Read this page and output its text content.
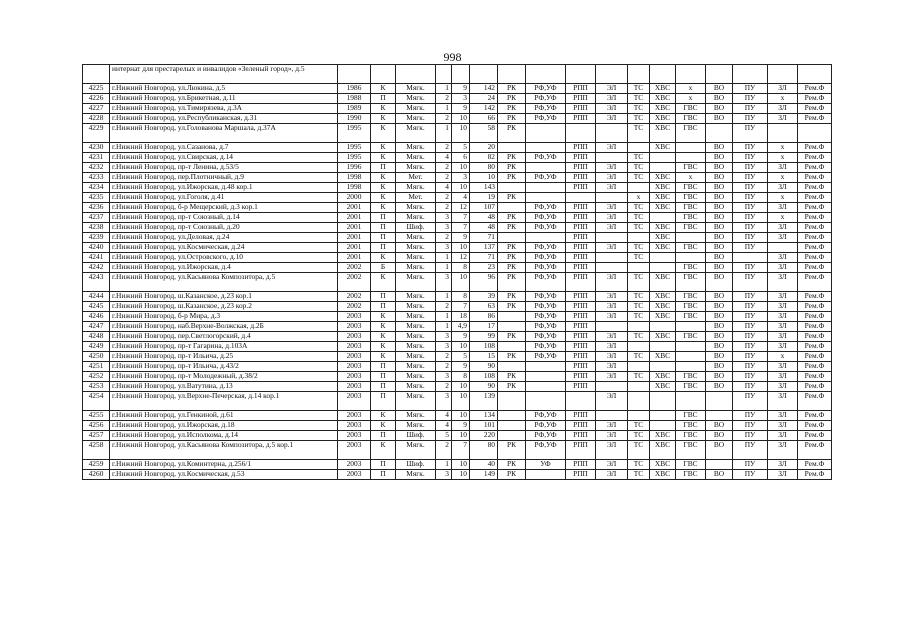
998
	интернат для престарелых и инвалидов «Зеленый город», д.5																	
4225	г.Нижний Новгород, ул.Люкина, д.5	1986	К	Мягк.	1	9	142	РК	РФ,УФ	РПП	ЭЛ	ТС	ХВС	х	ВО	ПУ	ЗЛ	Рем.Ф
4226	г.Нижний Новгород, ул.Брикетная, д.11	1988	П	Мягк.	2	3	24	РК	РФ,УФ	РПП	ЭЛ	ТС	ХВС	х	ВО	ПУ	х	Рем.Ф
4227	г.Нижний Новгород, ул.Тимирязева, д.3А	1989	К	Мягк.	1	9	142	РК	РФ,УФ	РПП	ЭЛ	ТС	ХВС	ГВС	ВО	ПУ	ЗЛ	Рем.Ф
4228	г.Нижний Новгород, ул.Республиканская, д.31	1990	К	Мягк.	2	10	66	РК	РФ,УФ	РПП	ЭЛ	ТС	ХВС	ГВС	ВО	ПУ	ЗЛ	Рем.Ф
4229	г.Нижний Новгород, ул.Голованова Маршала, д.37А	1995	К	Мягк.	1	10	58	РК				ТС	ХВС	ГВС		ПУ		
4230	г.Нижний Новгород, ул.Сазанова, д.7	1995	К	Мягк.	2	5	20			РПП	ЭЛ		ХВС		ВО	ПУ	х	Рем.Ф
4231	г.Нижний Новгород, ул.Свирская, д.14	1995	К	Мягк.	4	6	82	РК	РФ,УФ	РПП		ТС			ВО	ПУ	х	Рем.Ф
4232	г.Нижний Новгород, пр-т Ленина, д.53/5	1996	П	Мягк.	2	10	80	РК		РПП	ЭЛ	ТС		ГВС	ВО	ПУ	ЗЛ	Рем.Ф
4233	г.Нижний Новгород, пер.Плотничный, д.9	1998	К	Мет.	2	3	10	РК	РФ,УФ	РПП	ЭЛ	ТС	ХВС	х	ВО	ПУ	х	Рем.Ф
4234	г.Нижний Новгород, ул.Ижорская, д.48 кор.1	1998	К	Мягк.	4	10	143			РПП	ЭЛ		ХВС	ГВС	ВО	ПУ	ЗЛ	Рем.Ф
4235	г.Нижний Новгород, ул.Гоголя, д.41	2000	К	Мет.	2	4	19	РК				х	ХВС	ГВС	ВО	ПУ	х	Рем.Ф
4236	г.Нижний Новгород, б-р Мещерский, д.3 кор.1	2001	К	Мягк.	2	12	107		РФ,УФ	РПП	ЭЛ	ТС	ХВС	ГВС	ВО	ПУ	ЗЛ	Рем.Ф
4237	г.Нижний Новгород, пр-т Союзный, д.14	2001	П	Мягк.	3	7	48	РК	РФ,УФ	РПП	ЭЛ	ТС		ГВС	ВО	ПУ	х	Рем.Ф
4238	г.Нижний Новгород, пр-т Союзный, д.20	2001	П	Шиф.	3	7	48	РК	РФ,УФ	РПП	ЭЛ	ТС	ХВС	ГВС	ВО	ПУ	ЗЛ	Рем.Ф
4239	г.Нижний Новгород, ул.Деловая, д.24	2001	П	Мягк.	2	9	71			РПП			ХВС		ВО	ПУ	ЗЛ	Рем.Ф
4240	г.Нижний Новгород, ул.Космическая, д.24	2001	П	Мягк.	3	10	137	РК	РФ,УФ	РПП	ЭЛ	ТС	ХВС	ГВС	ВО	ПУ		Рем.Ф
4241	г.Нижний Новгород, ул.Островского, д.10	2001	К	Мягк.	1	12	71	РК	РФ,УФ	РПП		ТС			ВО		ЗЛ	Рем.Ф
4242	г.Нижний Новгород, ул.Ижорская, д.4	2002	Б	Мягк.	1	8	23	РК	РФ,УФ	РПП				ГВС	ВО	ПУ	ЗЛ	Рем.Ф
4243	г.Нижний Новгород, ул.Касьянова Композитора, д.5	2002	К	Мягк.	3	10	96	РК	РФ,УФ	РПП	ЭЛ	ТС	ХВС	ГВС	ВО	ПУ	ЗЛ	Рем.Ф
4244	г.Нижний Новгород, ш.Казанское, д.23 кор.1	2002	П	Мягк.	1	8	39	РК	РФ,УФ	РПП	ЭЛ	ТС	ХВС	ГВС	ВО	ПУ	ЗЛ	Рем.Ф
4245	г.Нижний Новгород, ш.Казанское, д.23 кор.2	2002	П	Мягк.	2	7	63	РК	РФ,УФ	РПП	ЭЛ	ТС	ХВС	ГВС	ВО	ПУ	ЗЛ	Рем.Ф
4246	г.Нижний Новгород, б-р Мира, д.3	2003	К	Мягк.	1	18	86		РФ,УФ	РПП	ЭЛ	ТС	ХВС	ГВС	ВО	ПУ	ЗЛ	Рем.Ф
4247	г.Нижний Новгород, наб.Верхне-Волжская, д.2Б	2003	К	Мягк.	1	4,9	17		РФ,УФ	РПП					ВО	ПУ	ЗЛ	Рем.Ф
4248	г.Нижний Новгород, пер.Светлогорский, д.4	2003	К	Мягк.	3	9	99	РК	РФ,УФ	РПП	ЭЛ	ТС	ХВС	ГВС	ВО	ПУ	ЗЛ	Рем.Ф
4249	г.Нижний Новгород, пр-т Гагарина, д.103А	2003	К	Мягк.	3	10	108		РФ,УФ	РПП	ЭЛ				ВО	ПУ	ЗЛ	Рем.Ф
4250	г.Нижний Новгород, пр-т Ильича, д.25	2003	К	Мягк.	2	5	15	РК	РФ,УФ	РПП	ЭЛ	ТС	ХВС		ВО	ПУ	х	Рем.Ф
4251	г.Нижний Новгород, пр-т Ильича, д.43/2	2003	П	Мягк.	2	9	90			РПП	ЭЛ				ВО	ПУ	ЗЛ	Рем.Ф
4252	г.Нижний Новгород, пр-т Молодежный, д.38/2	2003	П	Мягк.	3	8	108	РК		РПП	ЭЛ	ТС	ХВС	ГВС	ВО	ПУ	ЗЛ	Рем.Ф
4253	г.Нижний Новгород, ул.Ватутина, д.13	2003	П	Мягк.	2	10	90	РК		РПП			ХВС	ГВС	ВО	ПУ	ЗЛ	Рем.Ф
4254	г.Нижний Новгород, ул.Верхне-Печерская, д.14 кор.1	2003	П	Мягк.	3	10	139				ЭЛ					ПУ	ЗЛ	Рем.Ф
4255	г.Нижний Новгород, ул.Генкиной, д.61	2003	К	Мягк.	4	10	134		РФ,УФ	РПП				ГВС		ПУ	ЗЛ	Рем.Ф
4256	г.Нижний Новгород, ул.Ижорская, д.18	2003	К	Мягк.	4	9	101		РФ,УФ	РПП	ЭЛ	ТС		ГВС	ВО	ПУ	ЗЛ	Рем.Ф
4257	г.Нижний Новгород, ул.Исполкома, д.14	2003	П	Шиф.	5	10	220		РФ,УФ	РПП	ЭЛ	ТС	ХВС	ГВС	ВО	ПУ	ЗЛ	Рем.Ф
4258	г.Нижний Новгород, ул.Касьянова Композитора, д.5 кор.1	2003	К	Мягк.	2	7	80	РК	РФ,УФ	РПП	ЭЛ	ТС	ХВС	ГВС	ВО	ПУ	ЗЛ	Рем.Ф
4259	г.Нижний Новгород, ул.Коминтерна, д.256/1	2003	П	Шиф.	1	10	40	РК	УФ	РПП	ЭЛ	ТС	ХВС	ГВС		ПУ	ЗЛ	Рем.Ф
4260	г.Нижний Новгород, ул.Космическая, д.53	2003	П	Мягк.	3	10	149	РК		РПП	ЭЛ	ТС	ХВС	ГВС	ВО	ПУ	ЗЛ	Рем.Ф
